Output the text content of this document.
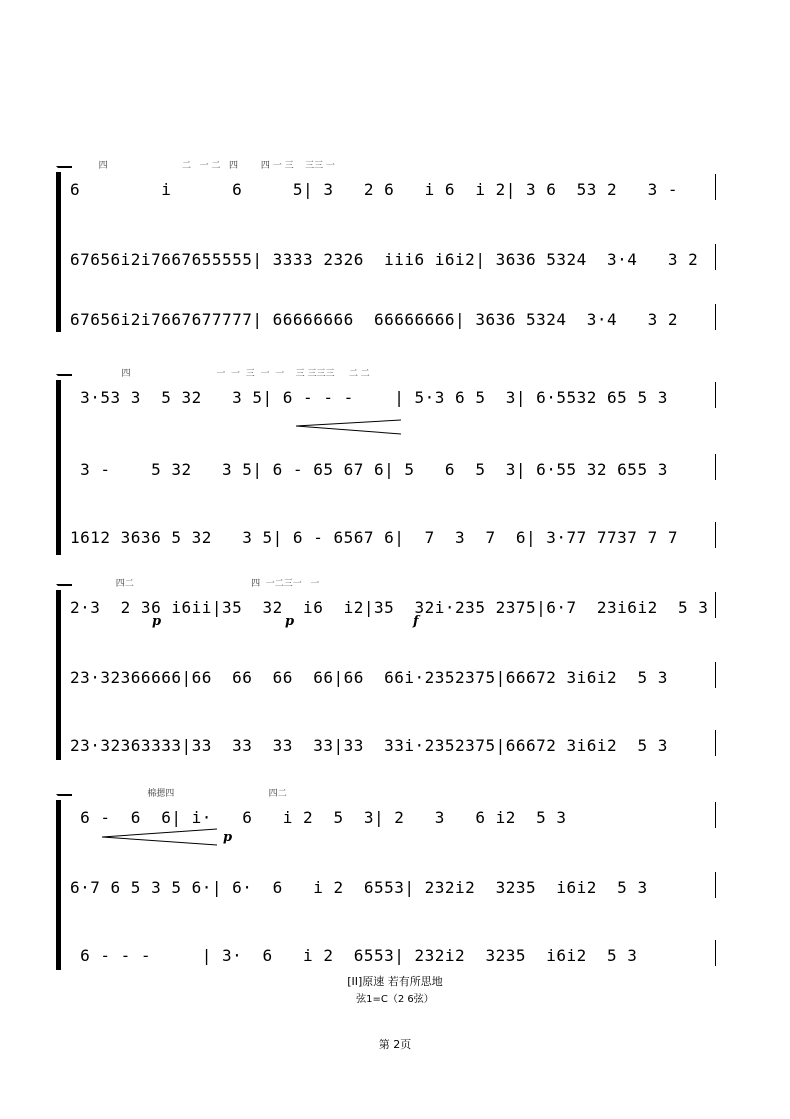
四                          二   一 二   四        四 一 三    三三 一
6        i      6     5| 3   2 6   i 6  i 2| 3 6  53 2   3 -
67656i2i7667655555| 3333 2326  iii6 i6i2| 3636 5324  3·4   3 2
67656i2i7667677777| 66666666  66666666| 3636 5324  3·4   3 2
四                              一  一  三  一  一    三 三三三     二 二
3·53 3  5 32   3 5| 6 - - -    | 5·3 6 5  3| 6·5532 65 5 3
3 -    5 32   3 5| 6 - 65 67 6| 5   6  5  3| 6·55 32 655 3
1612 3636 5 32   3 5| 6 - 6567 6|  7  3  7  6| 3·77 7737 7 7
四二                                         四  一二三一   一
2·3  2 36 i6ii|35  32  i6  i2|35  32i·235 2375|6·7  23i6i2  5 3
p	p	f
23·32366666|66  66  66  66|66  66i·2352375|66672 3i6i2  5 3
23·32363333|33  33  33  33|33  33i·2352375|66672 3i6i2  5 3
棉摁四                                 四二
6 -  6  6| i·   6   i 2  5  3| 2   3   6 i2  5 3
p
6·7 6 5 3 5 6·| 6·  6   i 2  6553| 232i2  3235  i6i2  5 3
6 - - -     | 3·  6   i 2  6553| 232i2  3235  i6i2  5 3
[II]原速 若有所思地
弦1=C（2 6弦）
第 2页
